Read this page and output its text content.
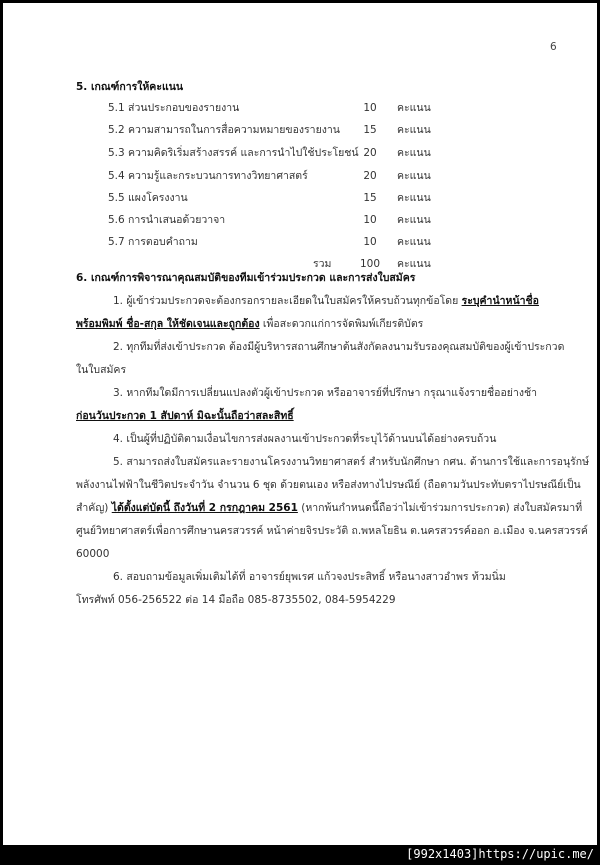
6
5. เกณฑ์การให้คะแนน
5.1 ส่วนประกอบของรายงาน	10	คะแนน
5.2 ความสามารถในการสื่อความหมายของรายงาน	15	คะแนน
5.3 ความคิดริเริ่มสร้างสรรค์ และการนำไปใช้ประโยชน์ 20	คะแนน
5.4 ความรู้และกระบวนการทางวิทยาศาสตร์	20	คะแนน
5.5 แผงโครงงาน	15	คะแนน
5.6 การนำเสนอด้วยวาจา	10	คะแนน
5.7 การตอบคำถาม	10	คะแนน
รวม	100 คะแนน
6. เกณฑ์การพิจารณาคุณสมบัติของทีมเข้าร่วมประกวด และการส่งใบสมัคร
1. ผู้เข้าร่วมประกวดจะต้องกรอกรายละเอียดในใบสมัครให้ครบถ้วนทุกข้อโดย ระบุคำนำหน้าชื่อ
พร้อมพิมพ์ ชื่อ-สกุล ให้ชัดเจนและถูกต้อง เพื่อสะดวกแก่การจัดพิมพ์เกียรติบัตร
2. ทุกทีมที่ส่งเข้าประกวด ต้องมีผู้บริหารสถานศึกษาต้นสังกัดลงนามรับรองคุณสมบัติของผู้เข้าประกวด
ในใบสมัคร
3. หากทีมใดมีการเปลี่ยนแปลงตัวผู้เข้าประกวด หรืออาจารย์ที่ปรึกษา กรุณาแจ้งรายชื่ออย่างช้า
ก่อนวันประกวด 1 สัปดาห์ มิฉะนั้นถือว่าสละสิทธิ์
4. เป็นผู้ที่ปฏิบัติตามเงื่อนไขการส่งผลงานเข้าประกวดที่ระบุไว้ด้านบนได้อย่างครบถ้วน
5. สามารถส่งใบสมัครและรายงานโครงงานวิทยาศาสตร์ สำหรับนักศึกษา กศน. ด้านการใช้และการอนุรักษ์
พลังงานไฟฟ้าในชีวิตประจำวัน จำนวน 6 ชุด ด้วยตนเอง หรือส่งทางไปรษณีย์ (ถือตามวันประทับตราไปรษณีย์เป็น
สำคัญ) ได้ตั้งแต่บัดนี้ ถึงวันที่ 2 กรกฎาคม 2561 (หากพ้นกำหนดนี้ถือว่าไม่เข้าร่วมการประกวด) ส่งใบสมัครมาที่
ศูนย์วิทยาศาสตร์เพื่อการศึกษานครสวรรค์ หน้าค่ายจิรประวัติ ถ.พหลโยธิน ต.นครสวรรค์ออก อ.เมือง จ.นครสวรรค์
60000
6. สอบถามข้อมูลเพิ่มเติมได้ที่ อาจารย์ยุพเรศ แก้วจงประสิทธิ์ หรือนางสาวอำพร ท้วมนิ่ม
โทรศัพท์ 056-256522 ต่อ 14 มือถือ 085-8735502, 084-5954229
[992x1403]https://upic.me/
